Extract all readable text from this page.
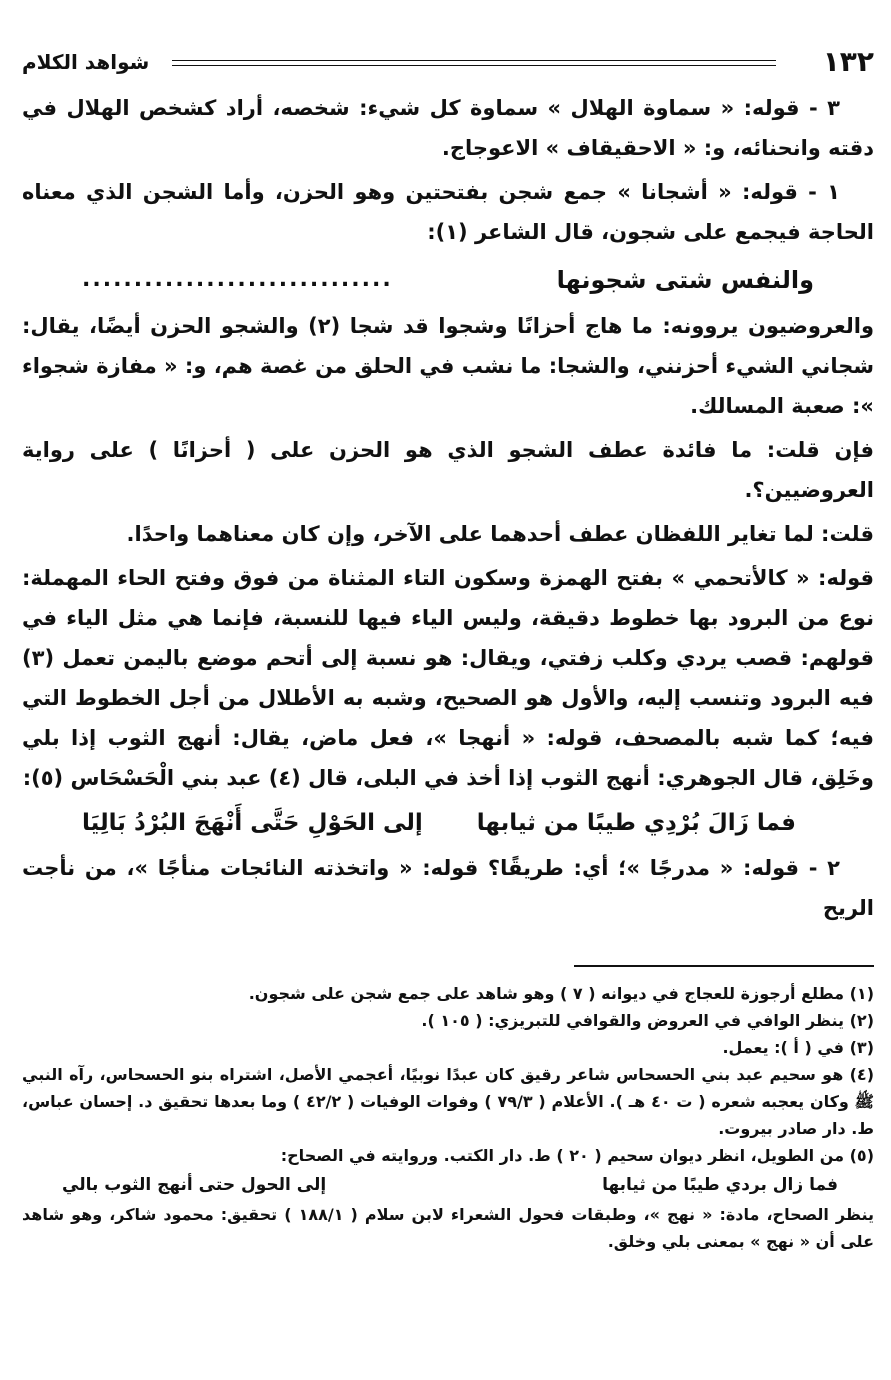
١٣٢
شواهد الكلام

٣ - قوله: « سماوة الهلال » سماوة كل شيء: شخصه، أراد كشخص الهلال في دقته وانحنائه، و: « الاحقيقاف » الاعوجاج.

١ - قوله: « أشجانا » جمع شجن بفتحتين وهو الحزن، وأما الشجن الذي معناه الحاجة فيجمع على شجون، قال الشاعر (١):

والنفس شتى شجونها
..............................

والعروضيون يروونه: ما هاج أحزانًا وشجوا قد شجا (٢) والشجو الحزن أيضًا، يقال: شجاني الشيء أحزنني، والشجا: ما نشب في الحلق من غصة هم، و: « مفازة شجواء »: صعبة المسالك.

فإن قلت: ما فائدة عطف الشجو الذي هو الحزن على ( أحزانًا ) على رواية العروضيين؟.

قلت: لما تغاير اللفظان عطف أحدهما على الآخر، وإن كان معناهما واحدًا.

قوله: « كالأتحمي » بفتح الهمزة وسكون التاء المثناة من فوق وفتح الحاء المهملة: نوع من البرود بها خطوط دقيقة، وليس الياء فيها للنسبة، فإنما هي مثل الياء في قولهم: قصب يردي وكلب زفتي، ويقال: هو نسبة إلى أتحم موضع باليمن تعمل (٣) فيه البرود وتنسب إليه، والأول هو الصحيح، وشبه به الأطلال من أجل الخطوط التي فيه؛ كما شبه بالمصحف، قوله: « أنهجا »، فعل ماض، يقال: أنهج الثوب إذا بلي وخَلِق، قال الجوهري: أنهج الثوب إذا أخذ في البلى، قال (٤) عبد بني الْحَسْحَاس (٥):

فما زَالَ بُرْدِي طيبًا من ثيابها
إلى الحَوْلِ حَتَّى أَنْهَجَ البُرْدُ بَالِيَا

٢ - قوله: « مدرجًا »؛ أي: طريقًا؟ قوله: « واتخذته النائجات منأجًا »، من نأجت الريح

(١) مطلع أرجوزة للعجاج في ديوانه ( ٧ ) وهو شاهد على جمع شجن على شجون.

(٢) ينظر الوافي في العروض والقوافي للتبريزي: ( ١٠٥ ).

(٣) في ( أ ): يعمل.

(٤) هو سحيم عبد بني الحسحاس شاعر رقيق كان عبدًا نوبيًا، أعجمي الأصل، اشتراه بنو الحسحاس، رآه النبي ﷺ وكان يعجبه شعره ( ت ٤٠ هـ ). الأعلام ( ٧٩/٣ ) وفوات الوفيات ( ٤٢/٢ ) وما بعدها تحقيق د. إحسان عباس، ط. دار صادر بيروت.

(٥) من الطويل، انظر ديوان سحيم ( ٢٠ ) ط. دار الكتب. وروايته في الصحاح:

فما زال بردي طيبًا من ثيابها
إلى الحول حتى أنهج الثوب بالي

ينظر الصحاح، مادة: « نهج »، وطبقات فحول الشعراء لابن سلام ( ١٨٨/١ ) تحقيق: محمود شاكر، وهو شاهد على أن « نهج » بمعنى بلي وخلق.
